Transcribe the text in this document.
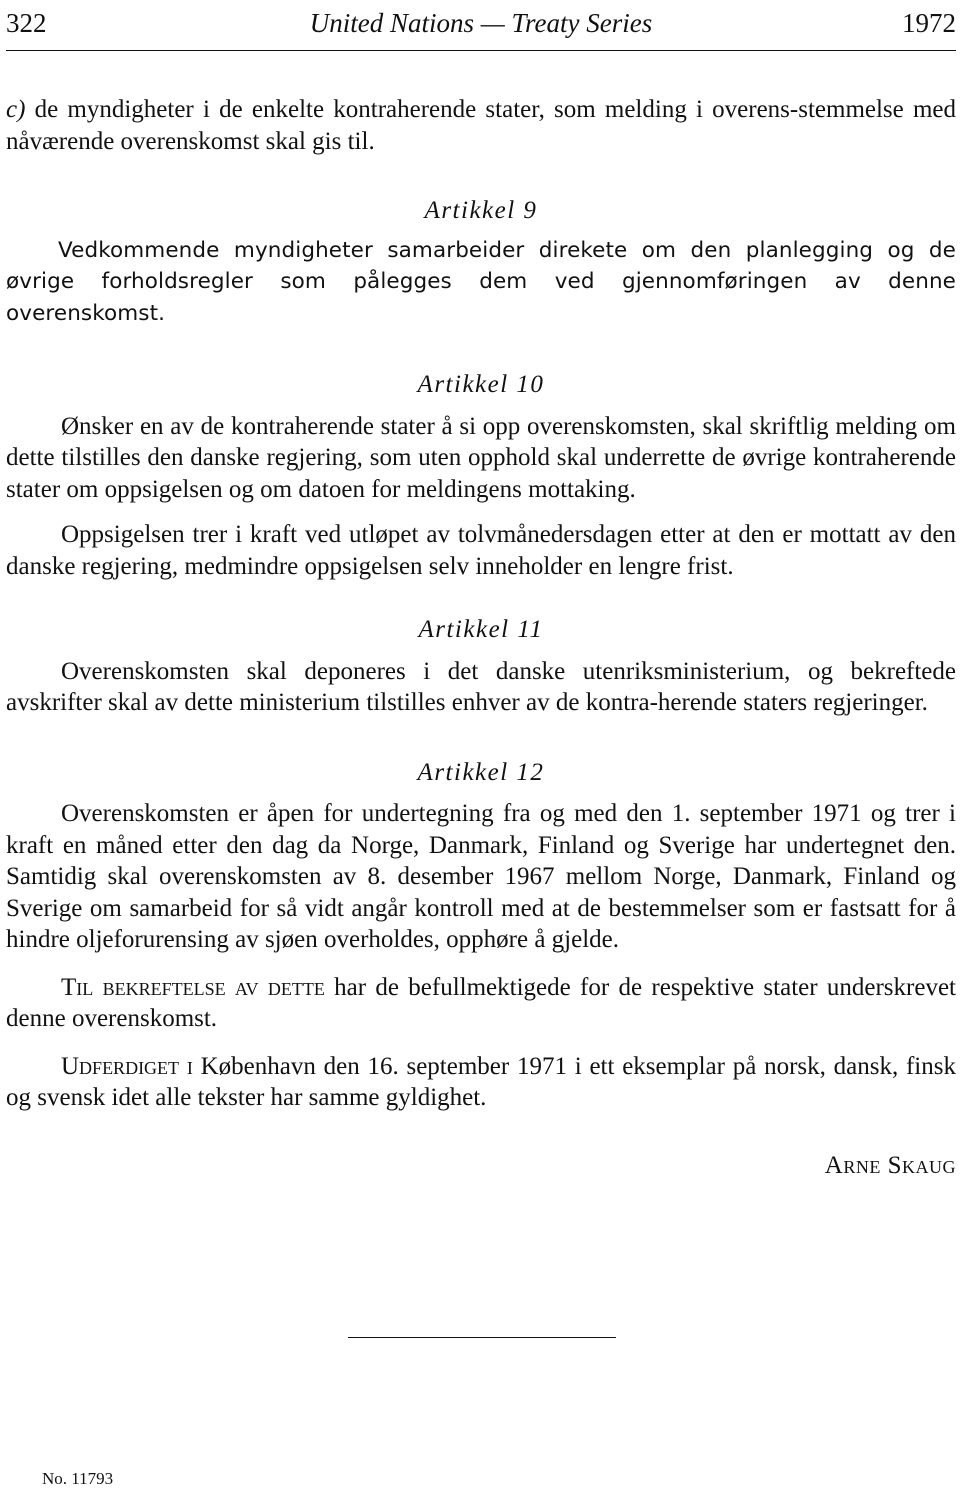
322	United Nations — Treaty Series	1972

c) de myndigheter i de enkelte kontraherende stater, som melding i overens-stemmelse med nåværende overenskomst skal gis til.

Artikkel 9

Vedkommende myndigheter samarbeider direkete om den planlegging og de øvrige forholdsregler som pålegges dem ved gjennomføringen av denne overenskomst.

Artikkel 10

Ønsker en av de kontraherende stater å si opp overenskomsten, skal skriftlig melding om dette tilstilles den danske regjering, som uten opphold skal underrette de øvrige kontraherende stater om oppsigelsen og om datoen for meldingens mottaking.

Oppsigelsen trer i kraft ved utløpet av tolvmånedersdagen etter at den er mottatt av den danske regjering, medmindre oppsigelsen selv inneholder en lengre frist.

Artikkel 11

Overenskomsten skal deponeres i det danske utenriksministerium, og bekreftede avskrifter skal av dette ministerium tilstilles enhver av de kontra-herende staters regjeringer.

Artikkel 12

Overenskomsten er åpen for undertegning fra og med den 1. september 1971 og trer i kraft en måned etter den dag da Norge, Danmark, Finland og Sverige har undertegnet den. Samtidig skal overenskomsten av 8. desember 1967 mellom Norge, Danmark, Finland og Sverige om samarbeid for så vidt angår kontroll med at de bestemmelser som er fastsatt for å hindre oljeforurensing av sjøen overholdes, opphøre å gjelde.

Til bekreftelse av dette har de befullmektigede for de respektive stater underskrevet denne overenskomst.

Udferdiget i København den 16. september 1971 i ett eksemplar på norsk, dansk, finsk og svensk idet alle tekster har samme gyldighet.

Arne Skaug

No. 11793
